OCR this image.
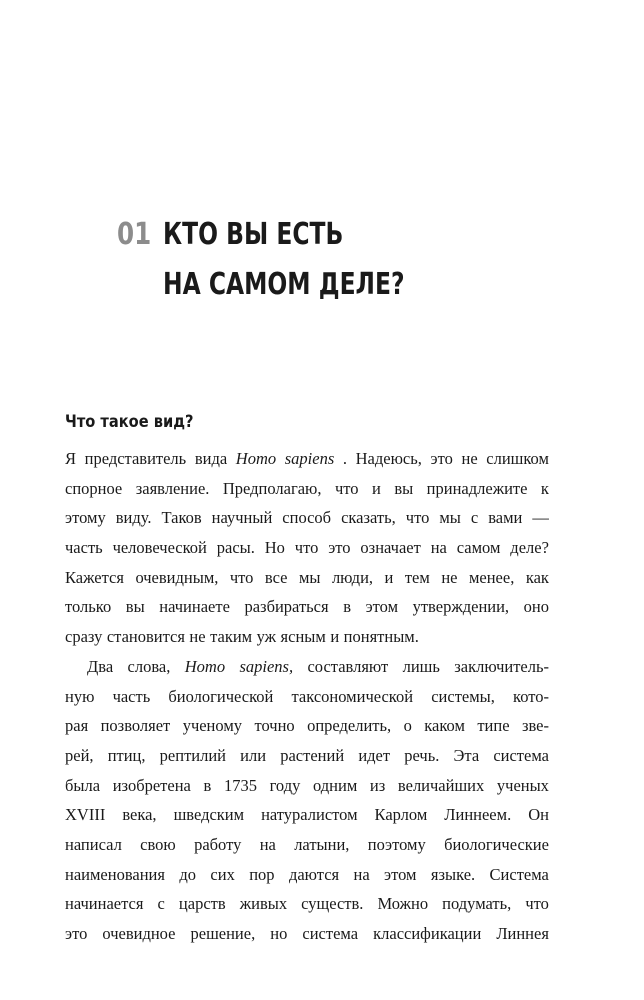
01 КТО ВЫ ЕСТЬ
НА САМОМ ДЕЛЕ?
Что такое вид?
Я представитель вида Homo sapiens . Надеюсь, это не слишком
спорное заявление. Предполагаю, что и вы принадлежите к
этому виду. Таков научный способ сказать, что мы с вами —
часть человеческой расы. Но что это означает на самом деле?
Кажется очевидным, что все мы люди, и тем не менее, как
только вы начинаете разбираться в этом утверждении, оно
сразу становится не таким уж ясным и понятным.
Два слова, Homo sapiens, составляют лишь заключитель-
ную часть биологической таксономической системы, кото-
рая позволяет ученому точно определить, о каком типе зве-
рей, птиц, рептилий или растений идет речь. Эта система
была изобретена в 1735 году одним из величайших ученых
XVIII века, шведским натуралистом Карлом Линнеем. Он
написал свою работу на латыни, поэтому биологические
наименования до сих пор даются на этом языке. Система
начинается с царств живых существ. Можно подумать, что
это очевидное решение, но система классификации Линнея
